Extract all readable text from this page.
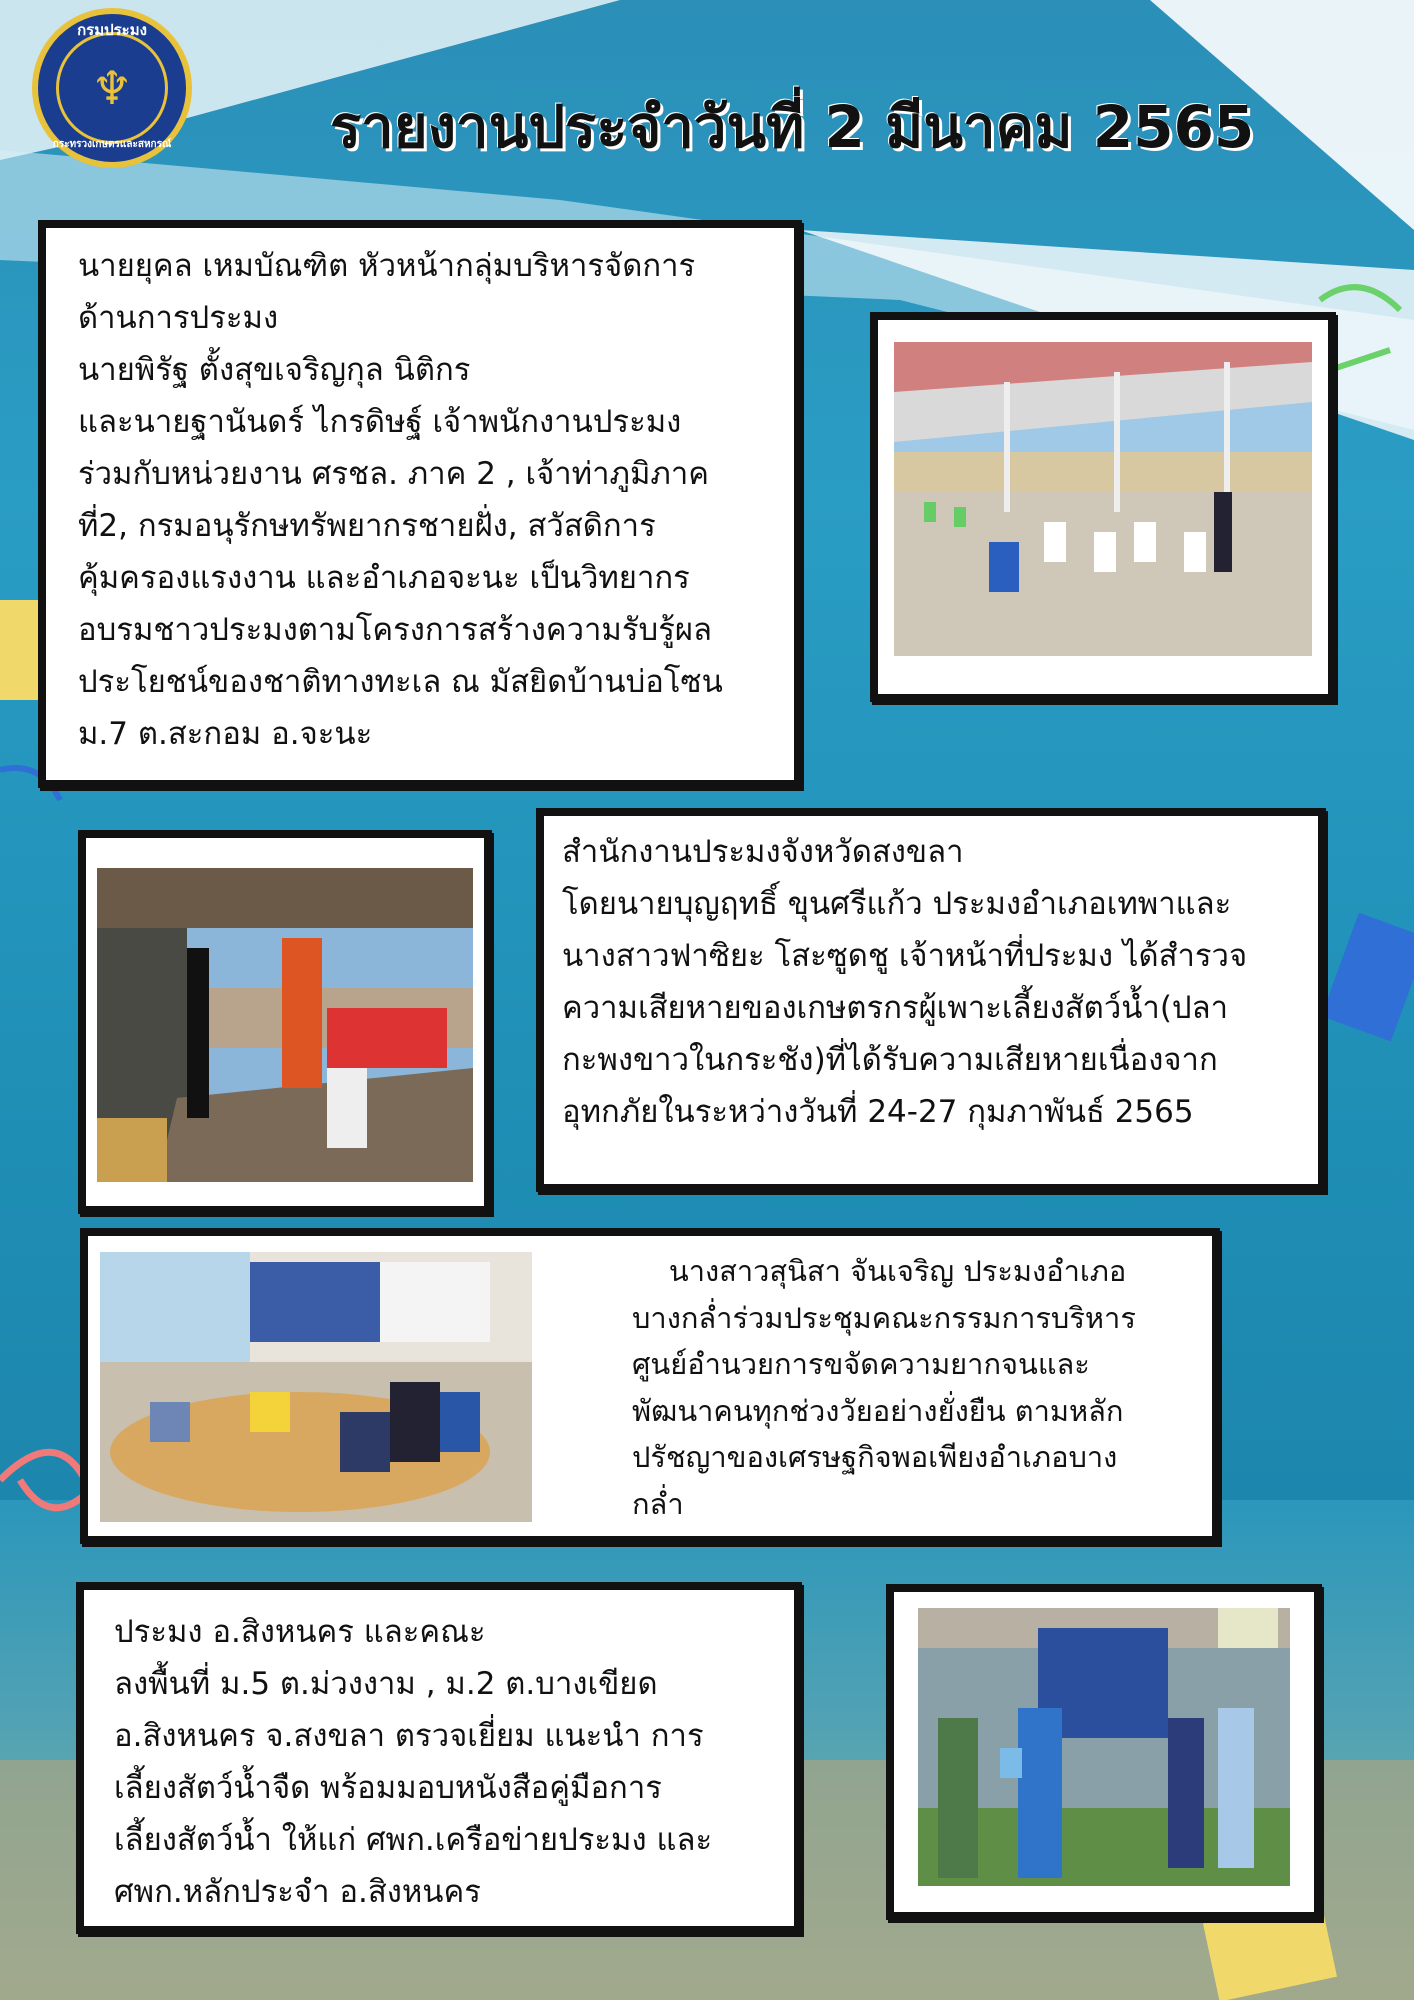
กรมประมง
♆
กระทรวงเกษตรและสหกรณ์	รายงานประจำวันที่ 2 มีนาคม 2565
นายยุคล เหมบัณฑิต หัวหน้ากลุ่มบริหารจัดการ
ด้านการประมง
นายพิรัฐ ตั้งสุขเจริญกุล นิติกร
และนายฐานันดร์ ไกรดิษฐ์ เจ้าพนักงานประมง
ร่วมกับหน่วยงาน ศรชล. ภาค 2 , เจ้าท่าภูมิภาค
ที่2, กรมอนุรักษทรัพยากรชายฝั่ง, สวัสดิการ
คุ้มครองแรงงาน และอำเภอจะนะ เป็นวิทยากร
อบรมชาวประมงตามโครงการสร้างความรับรู้ผล
ประโยชน์ของชาติทางทะเล ณ มัสยิดบ้านบ่อโซน
ม.7 ต.สะกอม อ.จะนะ
สำนักงานประมงจังหวัดสงขลา
โดยนายบุญฤทธิ์ ขุนศรีแก้ว ประมงอำเภอเทพาและ
นางสาวฟาซิยะ โสะซูดชู เจ้าหน้าที่ประมง ได้สำรวจ
ความเสียหายของเกษตรกรผู้เพาะเลี้ยงสัตว์น้ำ(ปลา
กะพงขาวในกระชัง)ที่ได้รับความเสียหายเนื่องจาก
อุทกภัยในระหว่างวันที่ 24-27 กุมภาพันธ์ 2565
นางสาวสุนิสา จันเจริญ ประมงอำเภอ
บางกล่ำร่วมประชุมคณะกรรมการบริหาร
ศูนย์อำนวยการขจัดความยากจนและ
พัฒนาคนทุกช่วงวัยอย่างยั่งยืน ตามหลัก
ปรัชญาของเศรษฐกิจพอเพียงอำเภอบาง
กล่ำ
ประมง อ.สิงหนคร และคณะ
ลงพื้นที่ ม.5 ต.ม่วงงาม , ม.2 ต.บางเขียด
อ.สิงหนคร จ.สงขลา ตรวจเยี่ยม แนะนำ การ
เลี้ยงสัตว์น้ำจืด พร้อมมอบหนังสือคู่มือการ
เลี้ยงสัตว์น้ำ ให้แก่ ศพก.เครือข่ายประมง และ
ศพก.หลักประจำ อ.สิงหนคร
